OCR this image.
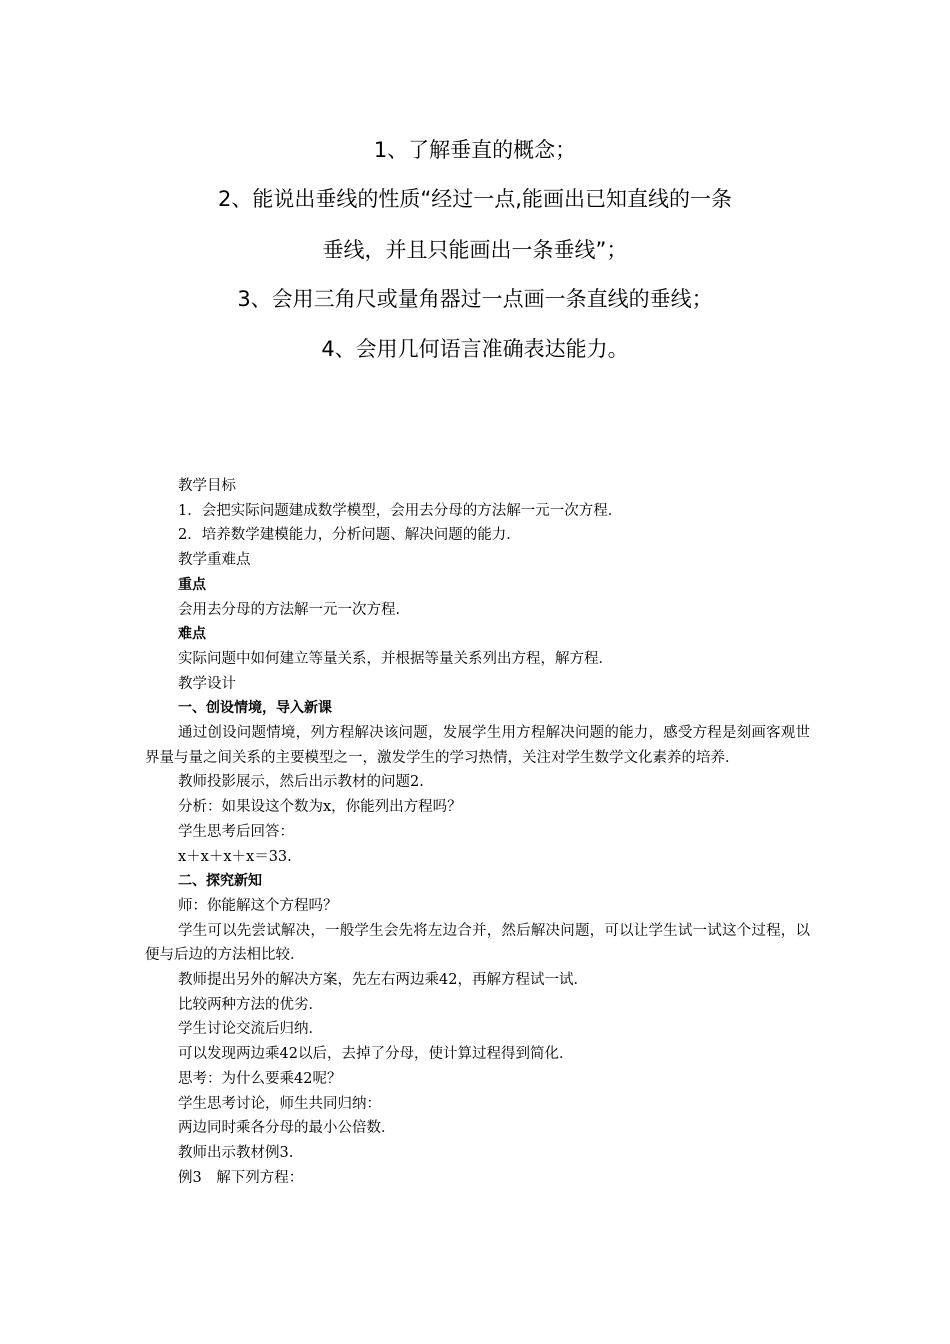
1、了解垂直的概念；
2、能说出垂线的性质“经过一点,能画出已知直线的一条
垂线，并且只能画出一条垂线”；
3、会用三角尺或量角器过一点画一条直线的垂线；
4、会用几何语言准确表达能力。

教学目标

1．会把实际问题建成数学模型，会用去分母的方法解一元一次方程．

2．培养数学建模能力，分析问题、解决问题的能力．

教学重难点

重点

会用去分母的方法解一元一次方程．

难点

实际问题中如何建立等量关系，并根据等量关系列出方程，解方程．

教学设计

一、创设情境，导入新课

通过创设问题情境，列方程解决该问题，发展学生用方程解决问题的能力，感受方程是刻画客观世界量与量之间关系的主要模型之一，激发学生的学习热情，关注对学生数学文化素养的培养．

教师投影展示，然后出示教材的问题2.

分析：如果设这个数为x，你能列出方程吗？

学生思考后回答：

x＋x＋x＋x＝33.

二、探究新知

师：你能解这个方程吗？

学生可以先尝试解决，一般学生会先将左边合并，然后解决问题，可以让学生试一试这个过程，以便与后边的方法相比较．

教师提出另外的解决方案，先左右两边乘42，再解方程试一试．

比较两种方法的优劣．

学生讨论交流后归纳．

可以发现两边乘42以后，去掉了分母，使计算过程得到简化．

思考：为什么要乘42呢？

学生思考讨论，师生共同归纳：

两边同时乘各分母的最小公倍数．

教师出示教材例3.

例3　解下列方程：
